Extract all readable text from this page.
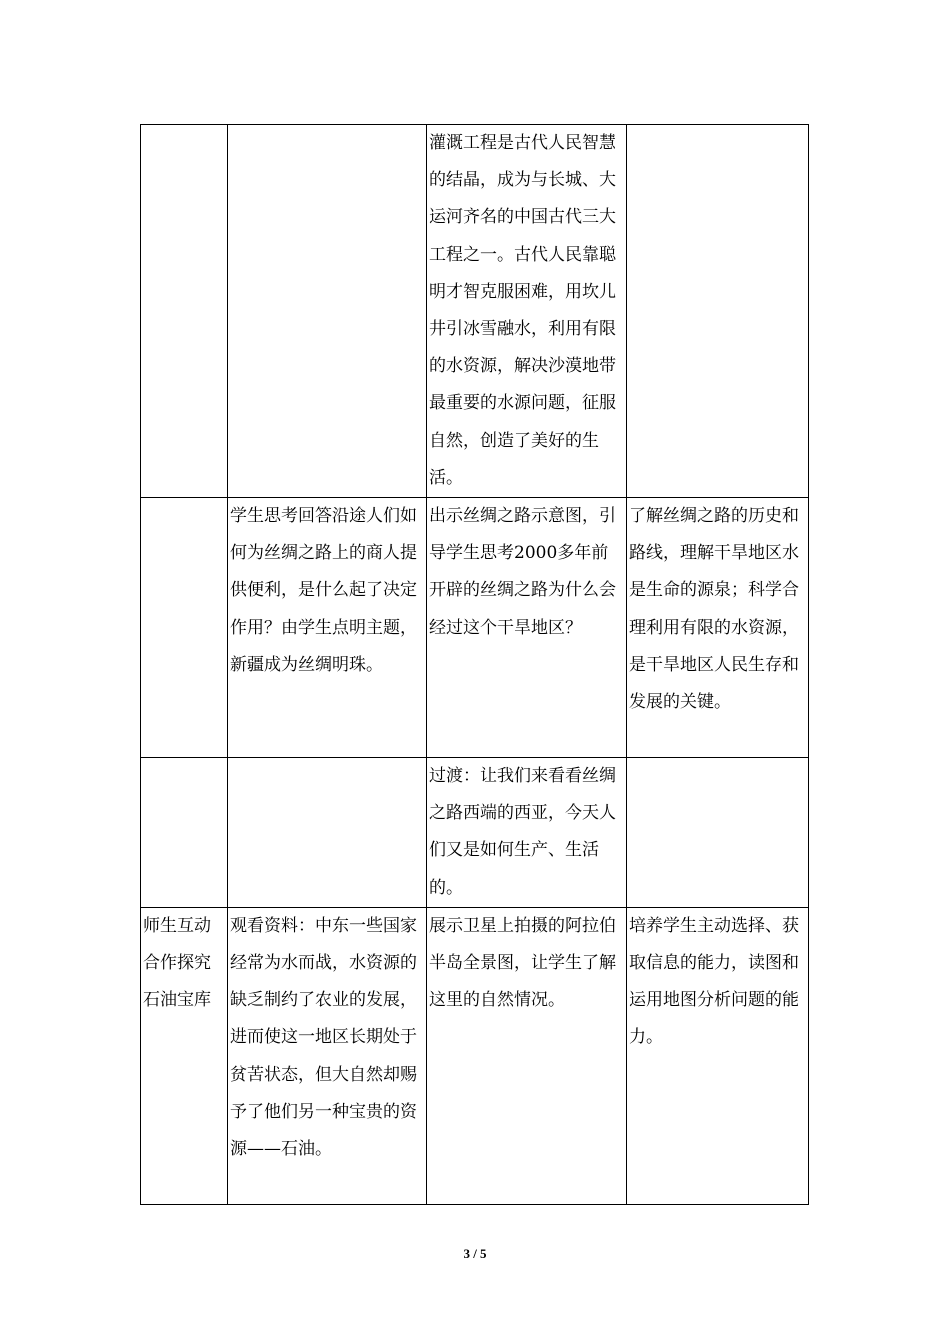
		灌溉工程是古代人民智慧的结晶，成为与长城、大运河齐名的中国古代三大工程之一。古代人民靠聪明才智克服困难，用坎儿井引冰雪融水，利用有限的水资源，解决沙漠地带最重要的水源问题，征服自然，创造了美好的生活。	
	学生思考回答沿途人们如何为丝绸之路上的商人提供便利，是什么起了决定作用？由学生点明主题，新疆成为丝绸明珠。	出示丝绸之路示意图，引导学生思考2000多年前开辟的丝绸之路为什么会经过这个干旱地区？	了解丝绸之路的历史和路线，理解干旱地区水是生命的源泉；科学合理利用有限的水资源，是干旱地区人民生存和发展的关键。
		过渡：让我们来看看丝绸之路西端的西亚，今天人们又是如何生产、生活的。	
师生互动合作探究石油宝库	观看资料：中东一些国家经常为水而战，水资源的缺乏制约了农业的发展，进而使这一地区长期处于贫苦状态，但大自然却赐予了他们另一种宝贵的资源——石油。	展示卫星上拍摄的阿拉伯半岛全景图，让学生了解这里的自然情况。	培养学生主动选择、获取信息的能力，读图和运用地图分析问题的能力。
3 / 5
